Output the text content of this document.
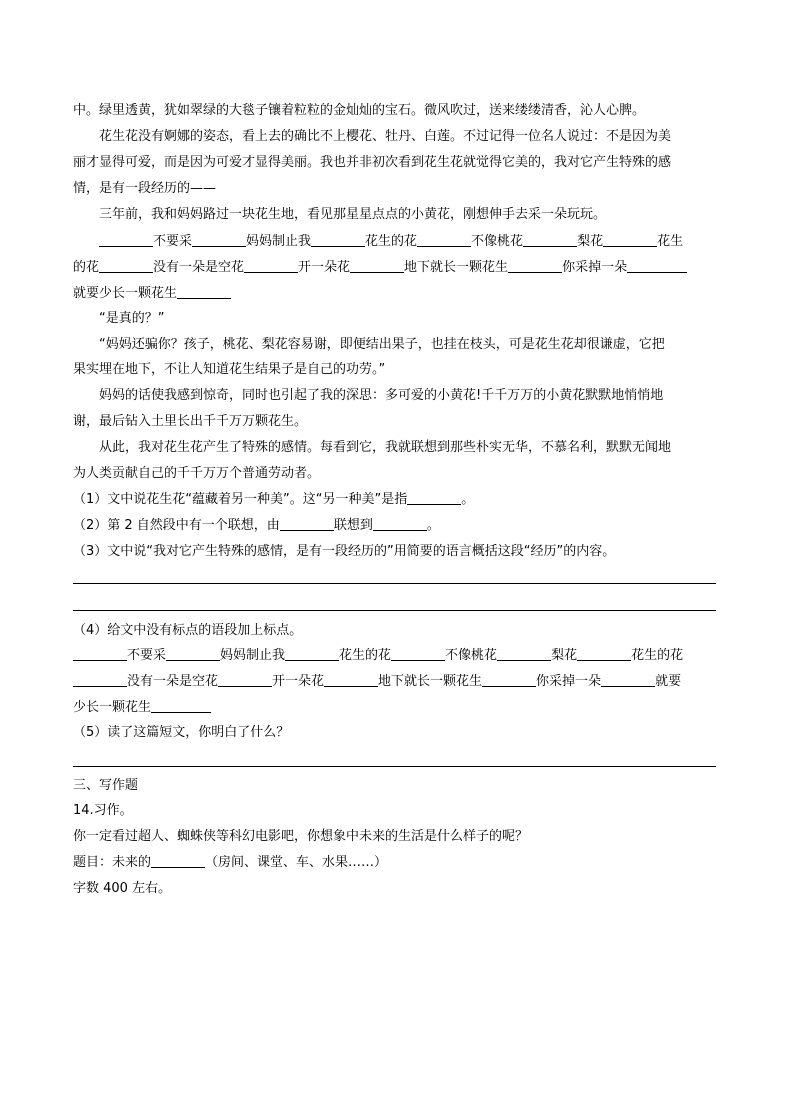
中。绿里透黄，犹如翠绿的大毯子镶着粒粒的金灿灿的宝石。微风吹过，送来缕缕清香，沁人心脾。
花生花没有婀娜的姿态，看上去的确比不上樱花、牡丹、白莲。不过记得一位名人说过：不是因为美
丽才显得可爱，而是因为可爱才显得美丽。我也并非初次看到花生花就觉得它美的，我对它产生特殊的感
情，是有一段经历的——
三年前，我和妈妈路过一块花生地，看见那星星点点的小黄花，刚想伸手去采一朵玩玩。
不要采	妈妈制止我	花生的花	不像桃花	梨花	花生
的花	没有一朵是空花	开一朵花	地下就长一颗花生	你采掉一朵
就要少长一颗花生
“是真的？”
“妈妈还骗你？孩子，桃花、梨花容易谢，即便结出果子，也挂在枝头，可是花生花却很谦虚，它把
果实埋在地下，不让人知道花生结果子是自己的功劳。”
妈妈的话使我感到惊奇，同时也引起了我的深思：多可爱的小黄花!千千万万的小黄花默默地悄悄地
谢，最后钻入土里长出千千万万颗花生。
从此，我对花生花产生了特殊的感情。每看到它，我就联想到那些朴实无华，不慕名利，默默无闻地
为人类贡献自己的千千万万个普通劳动者。
（1）文中说花生花“蕴藏着另一种美”。这“另一种美”是指	。
（2）第 2 自然段中有一个联想，由	联想到	。
（3）文中说“我对它产生特殊的感情，是有一段经历的”用简要的语言概括这段“经历”的内容。
（4）给文中没有标点的语段加上标点。
不要采	妈妈制止我	花生的花	不像桃花	梨花	花生的花
没有一朵是空花	开一朵花	地下就长一颗花生	你采掉一朵	就要
少长一颗花生
（5）读了这篇短文，你明白了什么？
三、写作题
14.习作。
你一定看过超人、蜘蛛侠等科幻电影吧，你想象中未来的生活是什么样子的呢？
题目：未来的	（房间、课堂、车、水果……）
字数 400 左右。
